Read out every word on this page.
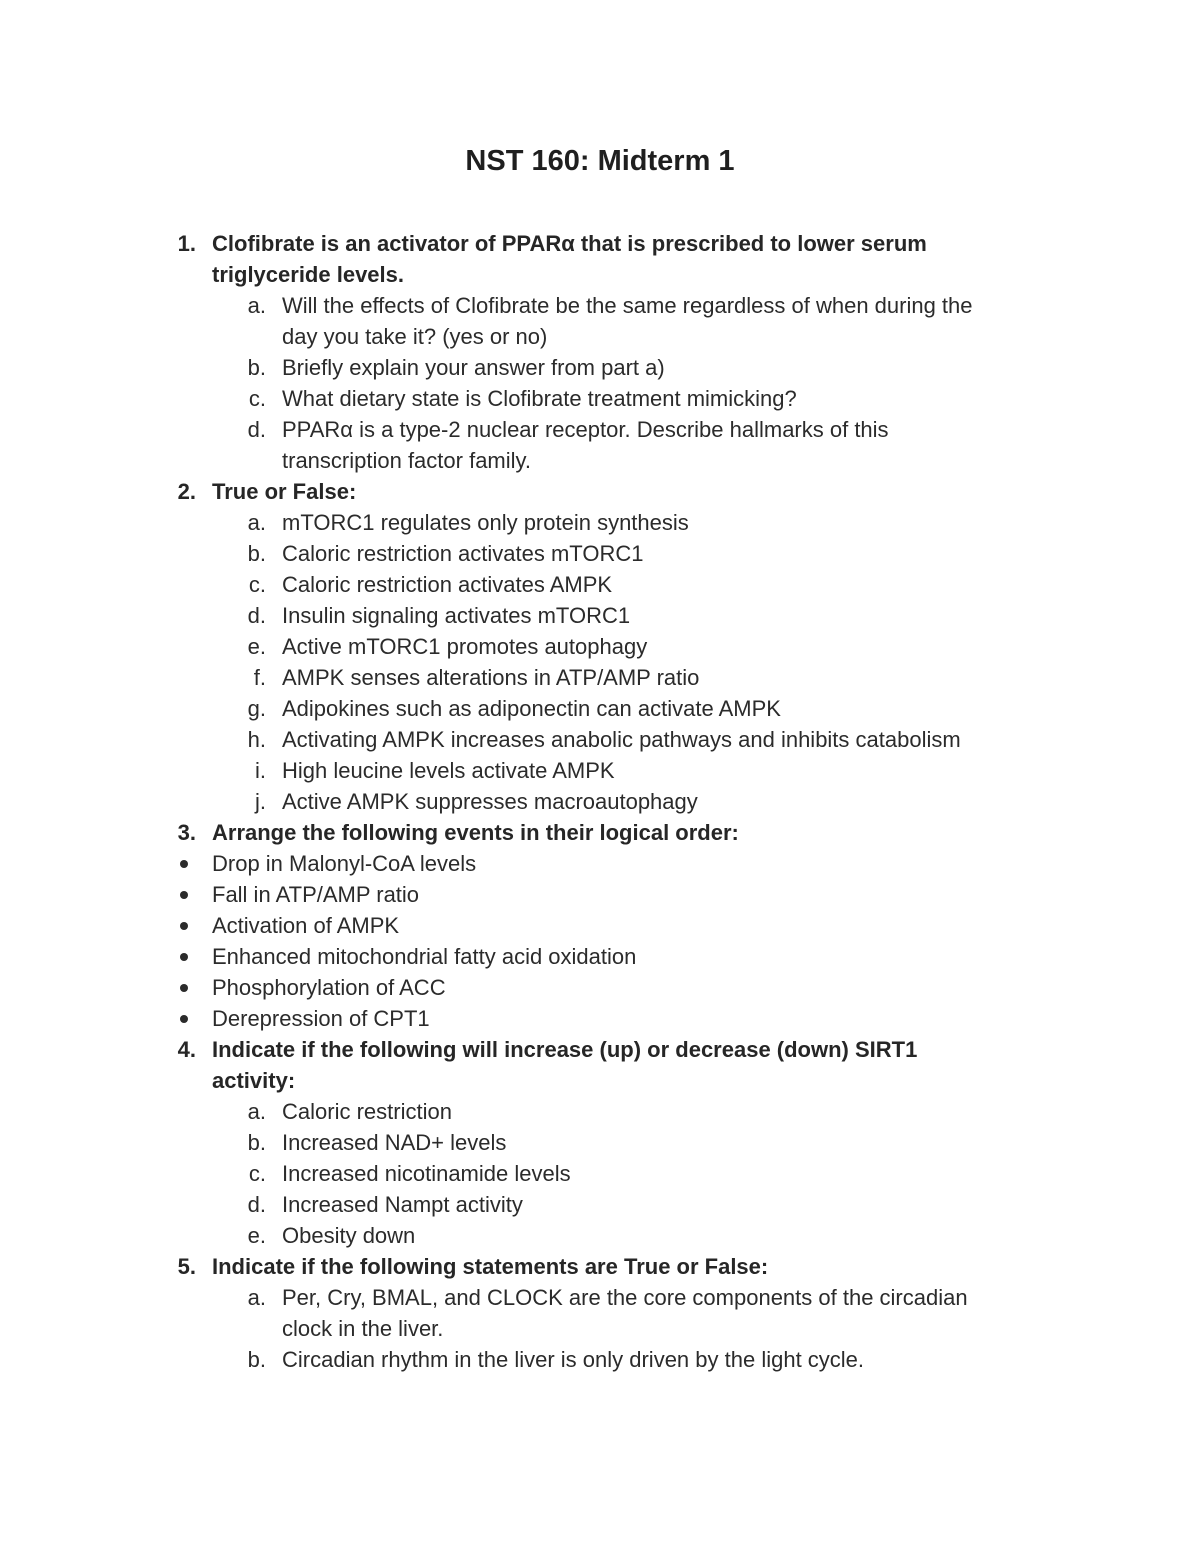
NST 160: Midterm 1
1. Clofibrate is an activator of PPARα that is prescribed to lower serum
triglyceride levels.
a. Will the effects of Clofibrate be the same regardless of when during the
day you take it? (yes or no)
b. Briefly explain your answer from part a)
c. What dietary state is Clofibrate treatment mimicking?
d. PPARα is a type-2 nuclear receptor. Describe hallmarks of this
transcription factor family.
2. True or False:
a. mTORC1 regulates only protein synthesis
b. Caloric restriction activates mTORC1
c. Caloric restriction activates AMPK
d. Insulin signaling activates mTORC1
e. Active mTORC1 promotes autophagy
f. AMPK senses alterations in ATP/AMP ratio
g. Adipokines such as adiponectin can activate AMPK
h. Activating AMPK increases anabolic pathways and inhibits catabolism
i. High leucine levels activate AMPK
j. Active AMPK suppresses macroautophagy
3. Arrange the following events in their logical order:
Drop in Malonyl-CoA levels
Fall in ATP/AMP ratio
Activation of AMPK
Enhanced mitochondrial fatty acid oxidation
Phosphorylation of ACC
Derepression of CPT1
4. Indicate if the following will increase (up) or decrease (down) SIRT1
activity:
a. Caloric restriction
b. Increased NAD+ levels
c. Increased nicotinamide levels
d. Increased Nampt activity
e. Obesity down
5. Indicate if the following statements are True or False:
a. Per, Cry, BMAL, and CLOCK are the core components of the circadian
clock in the liver.
b. Circadian rhythm in the liver is only driven by the light cycle.
